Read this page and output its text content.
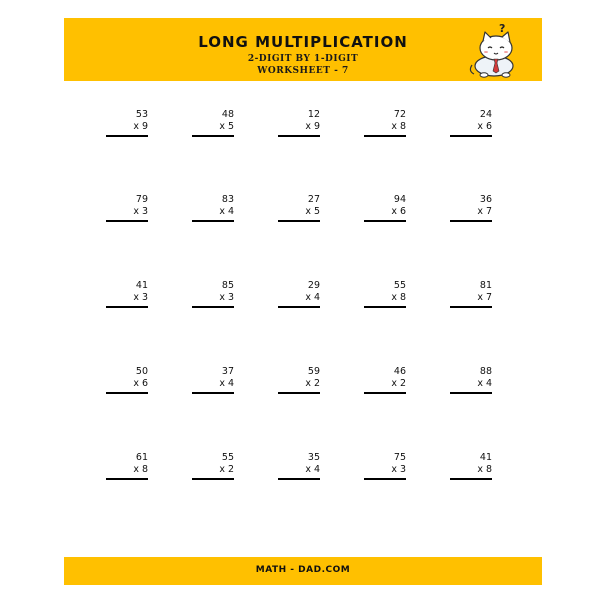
LONG MULTIPLICATION
2-DIGIT BY 1-DIGIT
WORKSHEET - 7
?
53
x 9
48
x 5
12
x 9
72
x 8
24
x 6
79
x 3
83
x 4
27
x 5
94
x 6
36
x 7
41
x 3
85
x 3
29
x 4
55
x 8
81
x 7
50
x 6
37
x 4
59
x 2
46
x 2
88
x 4
61
x 8
55
x 2
35
x 4
75
x 3
41
x 8
MATH - DAD.COM
